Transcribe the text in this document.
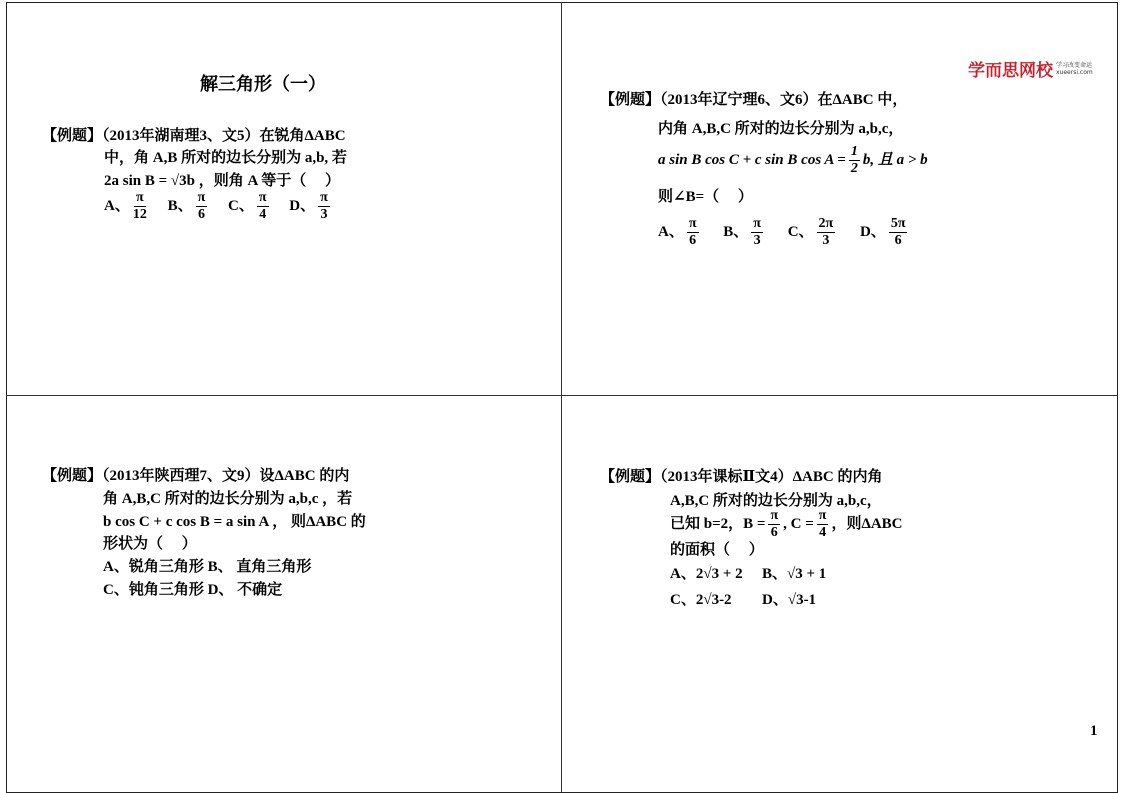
解三角形（一）
【例题】（2013年湖南理3、文5）在锐角ΔABC
中，角 A,B 所对的边长分别为 a,b, 若
2a sin B = √3b ，则角 A 等于（　 ）
A、 $\frac{\pi}{12}$ B、 $\frac{\pi}{6}$ C、 $\frac{\pi}{4}$ D、 $\frac{\pi}{3}$
学而思网校 学习改变命运
xueersi.com
【例题】（2013年辽宁理6、文6）在ΔABC 中，
内角 A,B,C 所对的边长分别为 a,b,c，
a sin B cos C + c sin B $\cos A = \frac{1}{2} b$, 且 a > b
则∠B=（　 ）
A、 $\frac{\pi}{6}$ B、 $\frac{\pi}{3}$ C、 $\frac{2\pi}{3}$ D、 $\frac{5\pi}{6}$
【例题】（2013年陕西理7、文9）设ΔABC 的内
角 A,B,C 所对的边长分别为 a,b,c ，若
b cos C + c cos B = a sin A ， 则ΔABC 的
形状为（　 ）
A、锐角三角形 B、 直角三角形
C、钝角三角形 D、 不确定
【例题】（2013年课标Ⅱ文4）ΔABC 的内角
A,B,C 所对的边长分别为 a,b,c，
已知 b=2，$B = \frac{\pi}{6}$ , $C = \frac{\pi}{4}$ ，则ΔABC
的面积（　 ）
A、2√3 + 2 B、√3 + 1
C、2√3-2 D、√3-1
1
